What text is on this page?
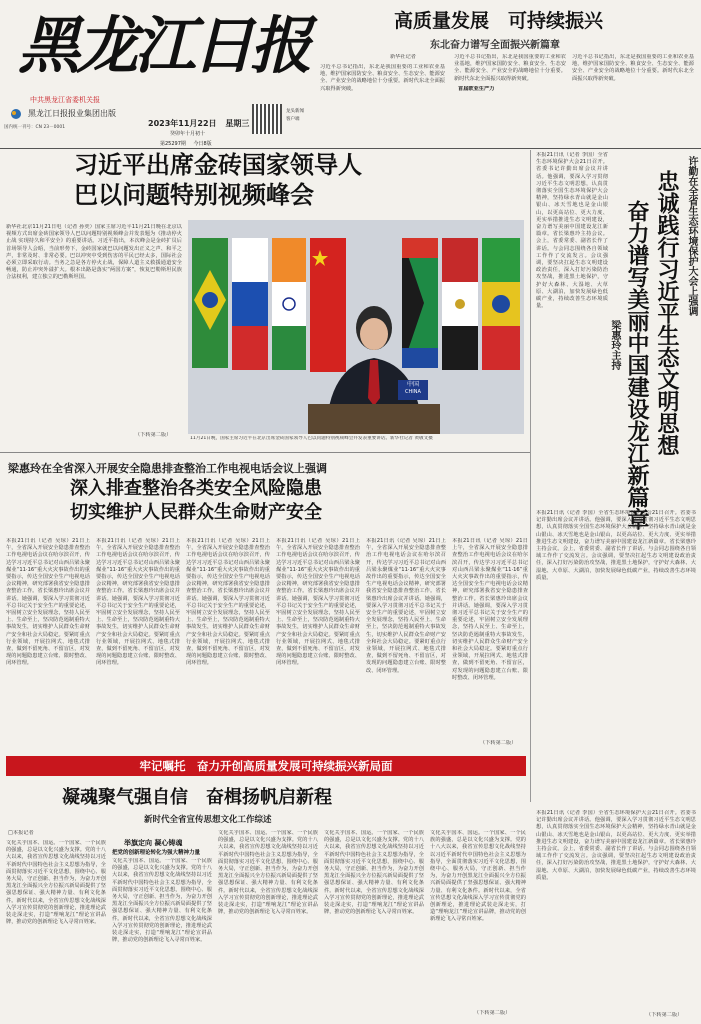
黑龙江日报
中共黑龙江省委机关报
黑龙江日报报业集团出版
国内统一刊号：CN 23－0001	2023年11月22日 星期三
癸卯年十月初十
第25297期 今日8版
龙头新闻
客户端
高质量发展　可持续振兴
东北奋力谱写全面振兴新篇章
新华社记者
习近平总书记指出，东北是我国重要的工业和农业基地，维护国家国防安全、粮食安全、生态安全、能源安全、产业安全的战略地位十分重要。新时代东北全面振兴取得新突破。	首届欧亚生产力
习近平总书记指出，东北是我国重要的工业和农业基地，维护国家国防安全、粮食安全、生态安全、能源安全、产业安全的战略地位十分重要。新时代东北全面振兴取得新突破。
习近平总书记指出，东北是我国重要的工业和农业基地，维护国家国防安全、粮食安全、生态安全、能源安全、产业安全的战略地位十分重要。新时代东北全面振兴取得新突破。
习近平出席金砖国家领导人
巴以问题特别视频峰会
新华社北京11月21日电（记者 孙奕）国家主席习近平11月21日晚在北京以视频方式出席金砖国家领导人巴以问题特别视频峰会并发表题为《推动停火止战 实现持久和平安全》的重要讲话。习近平指出，本次峰会是金砖扩员后首场领导人会晤，当前形势下，金砖国家就巴以问题发出正义之声、和平之声，非常及时、非常必要。巴以冲突中受到伤害的平民已经太多，国际社会必须立即采取行动。当务之急是各方停火止战，保障人道主义救援通道安全畅通，防止冲突外溢扩大。根本出路是落实“两国方案”，恢复巴勒斯坦民族合法权利，建立独立的巴勒斯坦国。
（下转第二版）
中国
CHINA
11月21日晚，国家主席习近平在北京出席金砖国家领导人巴以问题特别视频峰会并发表重要讲话。新华社记者 黄敬文摄
本报21日讯（记者 李国）全省生态环境保护大会21日召开。省委书记许勤出席会议并讲话。他强调，要深入学习贯彻习近平生态文明思想，认真贯彻落实全国生态环境保护大会精神，坚持绿水青山就是金山银山、冰天雪地也是金山银山，以更高站位、更大力度、更实举措推进生态文明建设，奋力谱写美丽中国建设龙江新篇章。省长梁惠玲主持会议。会上，省委常委、副省长作了讲话。与会同志围绕各自领域工作作了交流发言。会议强调，要坚决扛起生态文明建设政治责任，深入打好污染防治攻坚战，推进黑土地保护，守护好大森林、大湿地、大草原、大湖泊，加快发展绿色低碳产业，持续改善生态环境质量。	许勤在全省生态环境保护大会上强调
忠诚践行习近平生态文明思想
奋力谱写美丽中国建设龙江新篇章
梁惠玲主持
本报21日讯（记者 李国）全省生态环境保护大会21日召开。省委书记许勤出席会议并讲话。他强调，要深入学习贯彻习近平生态文明思想，认真贯彻落实全国生态环境保护大会精神，坚持绿水青山就是金山银山、冰天雪地也是金山银山，以更高站位、更大力度、更实举措推进生态文明建设，奋力谱写美丽中国建设龙江新篇章。省长梁惠玲主持会议。会上，省委常委、副省长作了讲话。与会同志围绕各自领域工作作了交流发言。会议强调，要坚决扛起生态文明建设政治责任，深入打好污染防治攻坚战，推进黑土地保护，守护好大森林、大湿地、大草原、大湖泊，加快发展绿色低碳产业，持续改善生态环境质量。
梁惠玲在全省深入开展安全隐患排查整治工作电视电话会议上强调
深入排查整治各类安全风险隐患
切实维护人民群众生命财产安全
本报21日讯（记者 吴琼）21日上午，全省深入开展安全隐患排查整治工作电视电话会议在哈尔滨召开，传达学习习近平总书记对山西吕梁永聚煤业“11·16”重大火灾事故作出的重要指示，传达全国安全生产电视电话会议精神，研究部署我省安全隐患排查整治工作。省长梁惠玲出席会议并讲话。她强调，要深入学习贯彻习近平总书记关于安全生产的重要论述，牢固树立安全发展理念，坚持人民至上、生命至上，坚决防范遏制重特大事故发生，切实维护人民群众生命财产安全和社会大局稳定。要紧盯重点行业领域，开展拉网式、地毯式排查，做到不留死角、不留盲区，对发现的问题隐患建立台账、限时整改、闭环管理。
本报21日讯（记者 吴琼）21日上午，全省深入开展安全隐患排查整治工作电视电话会议在哈尔滨召开，传达学习习近平总书记对山西吕梁永聚煤业“11·16”重大火灾事故作出的重要指示，传达全国安全生产电视电话会议精神，研究部署我省安全隐患排查整治工作。省长梁惠玲出席会议并讲话。她强调，要深入学习贯彻习近平总书记关于安全生产的重要论述，牢固树立安全发展理念，坚持人民至上、生命至上，坚决防范遏制重特大事故发生，切实维护人民群众生命财产安全和社会大局稳定。要紧盯重点行业领域，开展拉网式、地毯式排查，做到不留死角、不留盲区，对发现的问题隐患建立台账、限时整改、闭环管理。
本报21日讯（记者 吴琼）21日上午，全省深入开展安全隐患排查整治工作电视电话会议在哈尔滨召开，传达学习习近平总书记对山西吕梁永聚煤业“11·16”重大火灾事故作出的重要指示，传达全国安全生产电视电话会议精神，研究部署我省安全隐患排查整治工作。省长梁惠玲出席会议并讲话。她强调，要深入学习贯彻习近平总书记关于安全生产的重要论述，牢固树立安全发展理念，坚持人民至上、生命至上，坚决防范遏制重特大事故发生，切实维护人民群众生命财产安全和社会大局稳定。要紧盯重点行业领域，开展拉网式、地毯式排查，做到不留死角、不留盲区，对发现的问题隐患建立台账、限时整改、闭环管理。
本报21日讯（记者 吴琼）21日上午，全省深入开展安全隐患排查整治工作电视电话会议在哈尔滨召开，传达学习习近平总书记对山西吕梁永聚煤业“11·16”重大火灾事故作出的重要指示，传达全国安全生产电视电话会议精神，研究部署我省安全隐患排查整治工作。省长梁惠玲出席会议并讲话。她强调，要深入学习贯彻习近平总书记关于安全生产的重要论述，牢固树立安全发展理念，坚持人民至上、生命至上，坚决防范遏制重特大事故发生，切实维护人民群众生命财产安全和社会大局稳定。要紧盯重点行业领域，开展拉网式、地毯式排查，做到不留死角、不留盲区，对发现的问题隐患建立台账、限时整改、闭环管理。
本报21日讯（记者 吴琼）21日上午，全省深入开展安全隐患排查整治工作电视电话会议在哈尔滨召开，传达学习习近平总书记对山西吕梁永聚煤业“11·16”重大火灾事故作出的重要指示，传达全国安全生产电视电话会议精神，研究部署我省安全隐患排查整治工作。省长梁惠玲出席会议并讲话。她强调，要深入学习贯彻习近平总书记关于安全生产的重要论述，牢固树立安全发展理念，坚持人民至上、生命至上，坚决防范遏制重特大事故发生，切实维护人民群众生命财产安全和社会大局稳定。要紧盯重点行业领域，开展拉网式、地毯式排查，做到不留死角、不留盲区，对发现的问题隐患建立台账、限时整改、闭环管理。
本报21日讯（记者 吴琼）21日上午，全省深入开展安全隐患排查整治工作电视电话会议在哈尔滨召开，传达学习习近平总书记对山西吕梁永聚煤业“11·16”重大火灾事故作出的重要指示，传达全国安全生产电视电话会议精神，研究部署我省安全隐患排查整治工作。省长梁惠玲出席会议并讲话。她强调，要深入学习贯彻习近平总书记关于安全生产的重要论述，牢固树立安全发展理念，坚持人民至上、生命至上，坚决防范遏制重特大事故发生，切实维护人民群众生命财产安全和社会大局稳定。要紧盯重点行业领域，开展拉网式、地毯式排查，做到不留死角、不留盲区，对发现的问题隐患建立台账、限时整改、闭环管理。
（下转第二版）
牢记嘱托　奋力开创高质量发展可持续振兴新局面
凝魂聚气强自信　奋楫扬帆启新程
新时代全省宣传思想文化工作综述
□本报记者
文化关乎国本、国运。一个国家、一个民族的强盛，总是以文化兴盛为支撑。党的十八大以来，我省宣传思想文化战线坚持以习近平新时代中国特色社会主义思想为指导，全面贯彻落实习近平文化思想，围绕中心、服务大局，守正创新、担当作为，为奋力开创黑龙江全面振兴全方位振兴新局面提供了坚强思想保证、强大精神力量、有利文化条件。新时代以来，全省宣传思想文化战线深入学习宣传贯彻党的创新理论，推进理论武装走深走实，打造“理响龙江”理论宣讲品牌，推动党的创新理论飞入寻常百姓家。
举旗定向 凝心铸魂
把党的创新理论转化为强大精神力量
文化关乎国本、国运。一个国家、一个民族的强盛，总是以文化兴盛为支撑。党的十八大以来，我省宣传思想文化战线坚持以习近平新时代中国特色社会主义思想为指导，全面贯彻落实习近平文化思想，围绕中心、服务大局，守正创新、担当作为，为奋力开创黑龙江全面振兴全方位振兴新局面提供了坚强思想保证、强大精神力量、有利文化条件。新时代以来，全省宣传思想文化战线深入学习宣传贯彻党的创新理论，推进理论武装走深走实，打造“理响龙江”理论宣讲品牌，推动党的创新理论飞入寻常百姓家。
文化关乎国本、国运。一个国家、一个民族的强盛，总是以文化兴盛为支撑。党的十八大以来，我省宣传思想文化战线坚持以习近平新时代中国特色社会主义思想为指导，全面贯彻落实习近平文化思想，围绕中心、服务大局，守正创新、担当作为，为奋力开创黑龙江全面振兴全方位振兴新局面提供了坚强思想保证、强大精神力量、有利文化条件。新时代以来，全省宣传思想文化战线深入学习宣传贯彻党的创新理论，推进理论武装走深走实，打造“理响龙江”理论宣讲品牌，推动党的创新理论飞入寻常百姓家。
文化关乎国本、国运。一个国家、一个民族的强盛，总是以文化兴盛为支撑。党的十八大以来，我省宣传思想文化战线坚持以习近平新时代中国特色社会主义思想为指导，全面贯彻落实习近平文化思想，围绕中心、服务大局，守正创新、担当作为，为奋力开创黑龙江全面振兴全方位振兴新局面提供了坚强思想保证、强大精神力量、有利文化条件。新时代以来，全省宣传思想文化战线深入学习宣传贯彻党的创新理论，推进理论武装走深走实，打造“理响龙江”理论宣讲品牌，推动党的创新理论飞入寻常百姓家。
文化关乎国本、国运。一个国家、一个民族的强盛，总是以文化兴盛为支撑。党的十八大以来，我省宣传思想文化战线坚持以习近平新时代中国特色社会主义思想为指导，全面贯彻落实习近平文化思想，围绕中心、服务大局，守正创新、担当作为，为奋力开创黑龙江全面振兴全方位振兴新局面提供了坚强思想保证、强大精神力量、有利文化条件。新时代以来，全省宣传思想文化战线深入学习宣传贯彻党的创新理论，推进理论武装走深走实，打造“理响龙江”理论宣讲品牌，推动党的创新理论飞入寻常百姓家。
（下转第二版）
本报21日讯（记者 李国）全省生态环境保护大会21日召开。省委书记许勤出席会议并讲话。他强调，要深入学习贯彻习近平生态文明思想，认真贯彻落实全国生态环境保护大会精神，坚持绿水青山就是金山银山、冰天雪地也是金山银山，以更高站位、更大力度、更实举措推进生态文明建设，奋力谱写美丽中国建设龙江新篇章。省长梁惠玲主持会议。会上，省委常委、副省长作了讲话。与会同志围绕各自领域工作作了交流发言。会议强调，要坚决扛起生态文明建设政治责任，深入打好污染防治攻坚战，推进黑土地保护，守护好大森林、大湿地、大草原、大湖泊，加快发展绿色低碳产业，持续改善生态环境质量。
（下转第二版）
